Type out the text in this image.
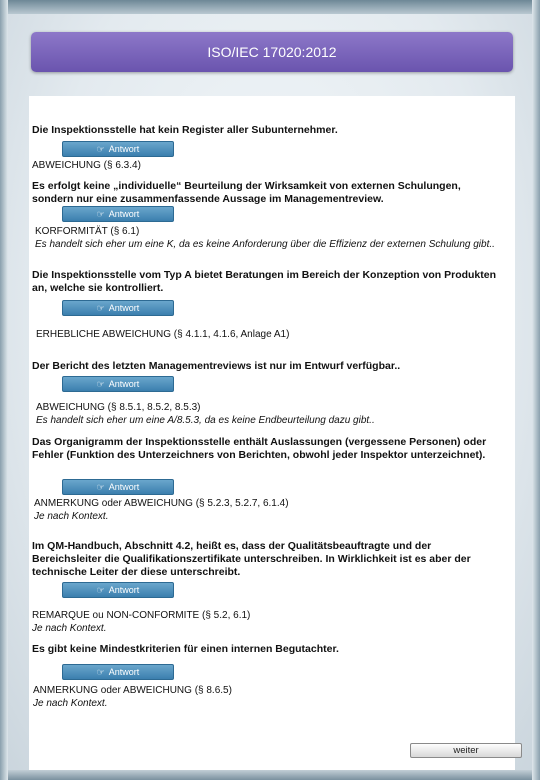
ISO/IEC 17020:2012
Die Inspektionsstelle hat kein Register aller Subunternehmer.
☞ Antwort
ABWEICHUNG (§ 6.3.4)
Es erfolgt keine „individuelle“ Beurteilung der Wirksamkeit von externen Schulungen, sondern nur eine zusammenfassende Aussage im Managementreview.
☞ Antwort
KORFORMITÄT (§ 6.1)
Es handelt sich eher um eine K, da es keine Anforderung über die Effizienz der externen Schulung gibt..
Die Inspektionsstelle vom Typ A bietet Beratungen im Bereich der Konzeption von Produkten an, welche sie kontrolliert.
☞ Antwort
ERHEBLICHE ABWEICHUNG (§ 4.1.1, 4.1.6, Anlage A1)
Der Bericht des letzten Managementreviews ist nur im Entwurf verfügbar..
☞ Antwort
ABWEICHUNG (§ 8.5.1, 8.5.2, 8.5.3)
Es handelt sich eher um eine A/8.5.3, da es keine Endbeurteilung dazu gibt..
Das Organigramm der Inspektionsstelle enthält Auslassungen (vergessene Personen) oder Fehler (Funktion des Unterzeichners von Berichten, obwohl jeder Inspektor unterzeichnet).
☞ Antwort
ANMERKUNG oder ABWEICHUNG (§ 5.2.3, 5.2.7, 6.1.4)
Je nach Kontext.
Im QM-Handbuch, Abschnitt 4.2, heißt es, dass der Qualitätsbeauftragte und der Bereichsleiter die Qualifikationszertifikate unterschreiben. In Wirklichkeit ist es aber der technische Leiter der diese unterschreibt.
☞ Antwort
REMARQUE ou NON-CONFORMITE (§ 5.2, 6.1)
Je nach Kontext.
Es gibt keine Mindestkriterien für einen internen Begutachter.
☞ Antwort
ANMERKUNG oder ABWEICHUNG (§ 8.6.5)
Je nach Kontext.
weiter
